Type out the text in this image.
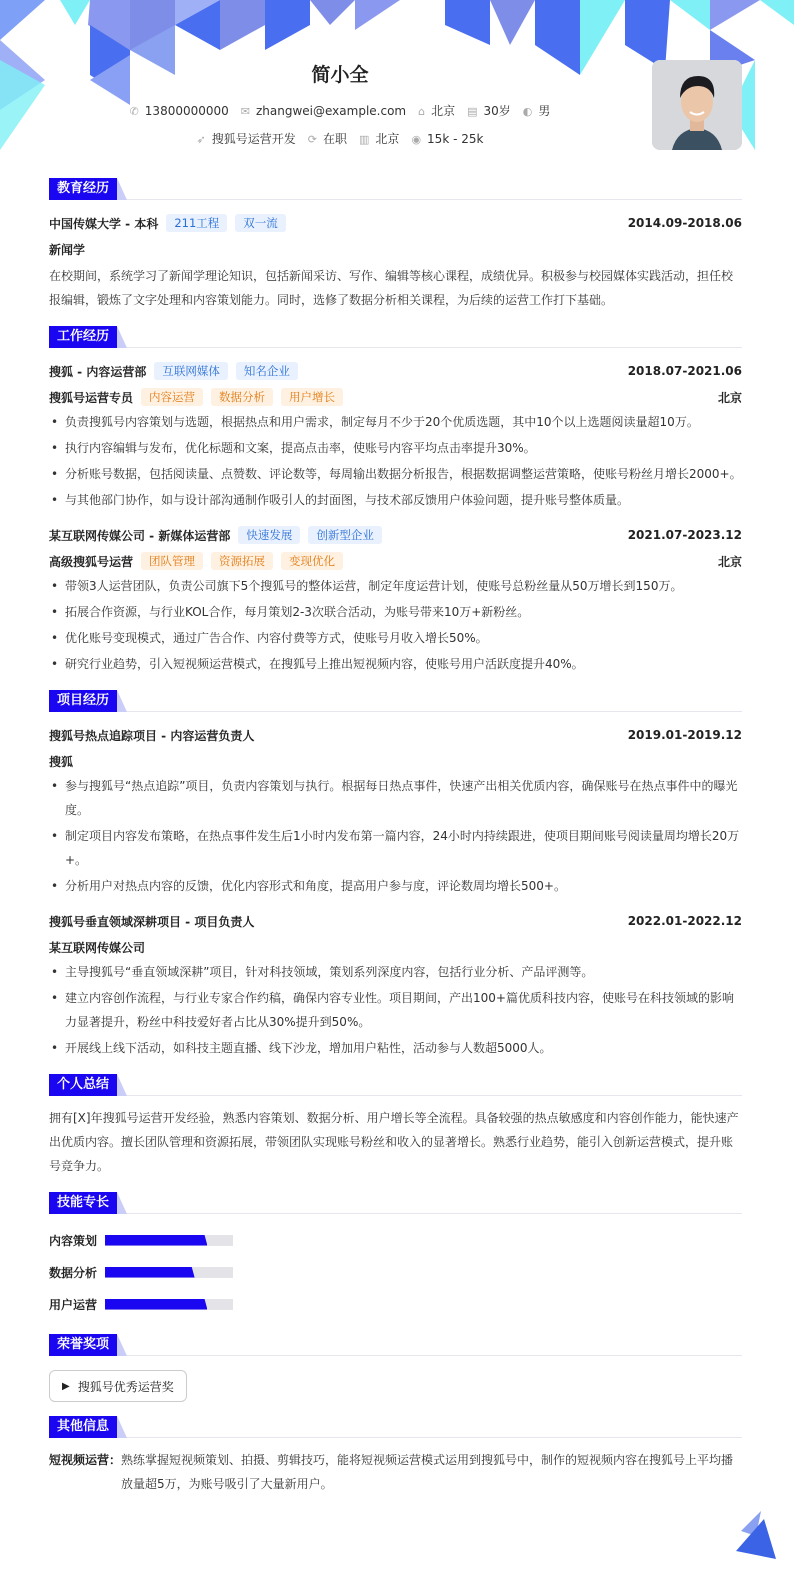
简小全
✆ 13800000000 ✉ zhangwei@example.com ⌂ 北京 ▤ 30岁 ◐ 男
➶ 搜狐号运营开发 ⟳ 在职 ▥ 北京 ◉ 15k - 25k
教育经历
中国传媒大学 - 本科	211工程	双一流	2014.09-2018.06
新闻学

在校期间，系统学习了新闻学理论知识，包括新闻采访、写作、编辑等核心课程，成绩优异。积极参与校园媒体实践活动，担任校报编辑，锻炼了文字处理和内容策划能力。同时，选修了数据分析相关课程，为后续的运营工作打下基础。

工作经历
搜狐 - 内容运营部	互联网媒体	知名企业	2018.07-2021.06
搜狐号运营专员	内容运营	数据分析	用户增长	北京
• 负责搜狐号内容策划与选题，根据热点和用户需求，制定每月不少于20个优质选题，其中10个以上选题阅读量超10万。
• 执行内容编辑与发布，优化标题和文案，提高点击率，使账号内容平均点击率提升30%。
• 分析账号数据，包括阅读量、点赞数、评论数等，每周输出数据分析报告，根据数据调整运营策略，使账号粉丝月增长2000+。
• 与其他部门协作，如与设计部沟通制作吸引人的封面图，与技术部反馈用户体验问题，提升账号整体质量。
某互联网传媒公司 - 新媒体运营部	快速发展	创新型企业	2021.07-2023.12
高级搜狐号运营	团队管理	资源拓展	变现优化	北京
• 带领3人运营团队，负责公司旗下5个搜狐号的整体运营，制定年度运营计划，使账号总粉丝量从50万增长到150万。
• 拓展合作资源，与行业KOL合作，每月策划2-3次联合活动，为账号带来10万+新粉丝。
• 优化账号变现模式，通过广告合作、内容付费等方式，使账号月收入增长50%。
• 研究行业趋势，引入短视频运营模式，在搜狐号上推出短视频内容，使账号用户活跃度提升40%。
项目经历
搜狐号热点追踪项目 - 内容运营负责人	2019.01-2019.12
搜狐
• 参与搜狐号“热点追踪”项目，负责内容策划与执行。根据每日热点事件，快速产出相关优质内容，确保账号在热点事件中的曝光度。
• 制定项目内容发布策略，在热点事件发生后1小时内发布第一篇内容，24小时内持续跟进，使项目期间账号阅读量周均增长20万+。
• 分析用户对热点内容的反馈，优化内容形式和角度，提高用户参与度，评论数周均增长500+。
搜狐号垂直领域深耕项目 - 项目负责人	2022.01-2022.12
某互联网传媒公司
• 主导搜狐号“垂直领域深耕”项目，针对科技领域，策划系列深度内容，包括行业分析、产品评测等。
• 建立内容创作流程，与行业专家合作约稿，确保内容专业性。项目期间，产出100+篇优质科技内容，使账号在科技领域的影响力显著提升，粉丝中科技爱好者占比从30%提升到50%。
• 开展线上线下活动，如科技主题直播、线下沙龙，增加用户粘性，活动参与人数超5000人。
个人总结

拥有[X]年搜狐号运营开发经验，熟悉内容策划、数据分析、用户增长等全流程。具备较强的热点敏感度和内容创作能力，能快速产出优质内容。擅长团队管理和资源拓展，带领团队实现账号粉丝和收入的显著增长。熟悉行业趋势，能引入创新运营模式，提升账号竞争力。

技能专长
内容策划
数据分析
用户运营
荣誉奖项
▶ 搜狐号优秀运营奖
其他信息
短视频运营： 熟练掌握短视频策划、拍摄、剪辑技巧，能将短视频运营模式运用到搜狐号中，制作的短视频内容在搜狐号上平均播放量超5万，为账号吸引了大量新用户。
